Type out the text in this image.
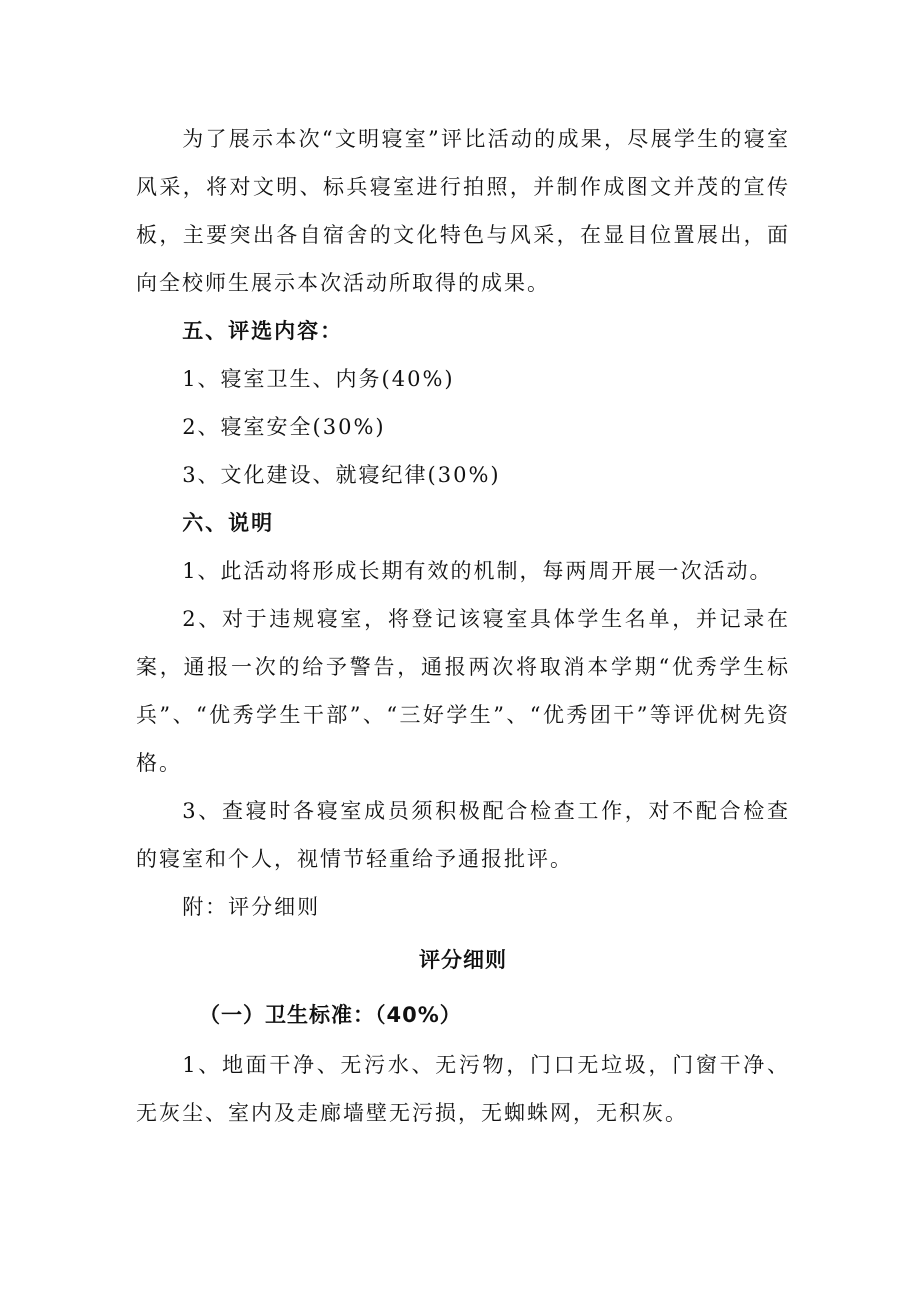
为了展示本次“文明寝室”评比活动的成果，尽展学生的寝室风采，将对文明、标兵寝室进行拍照，并制作成图文并茂的宣传板，主要突出各自宿舍的文化特色与风采，在显目位置展出，面向全校师生展示本次活动所取得的成果。

五、评选内容：

1、寝室卫生、内务(40%)

2、寝室安全(30%)

3、文化建设、就寝纪律(30%)

六、说明

1、此活动将形成长期有效的机制，每两周开展一次活动。

2、对于违规寝室，将登记该寝室具体学生名单，并记录在案，通报一次的给予警告，通报两次将取消本学期“优秀学生标兵”、“优秀学生干部”、“三好学生”、“优秀团干”等评优树先资格。

3、查寝时各寝室成员须积极配合检查工作，对不配合检查的寝室和个人，视情节轻重给予通报批评。

附：评分细则

评分细则

（一）卫生标准：（40%）

1、地面干净、无污水、无污物，门口无垃圾，门窗干净、无灰尘、室内及走廊墙壁无污损，无蜘蛛网，无积灰。
